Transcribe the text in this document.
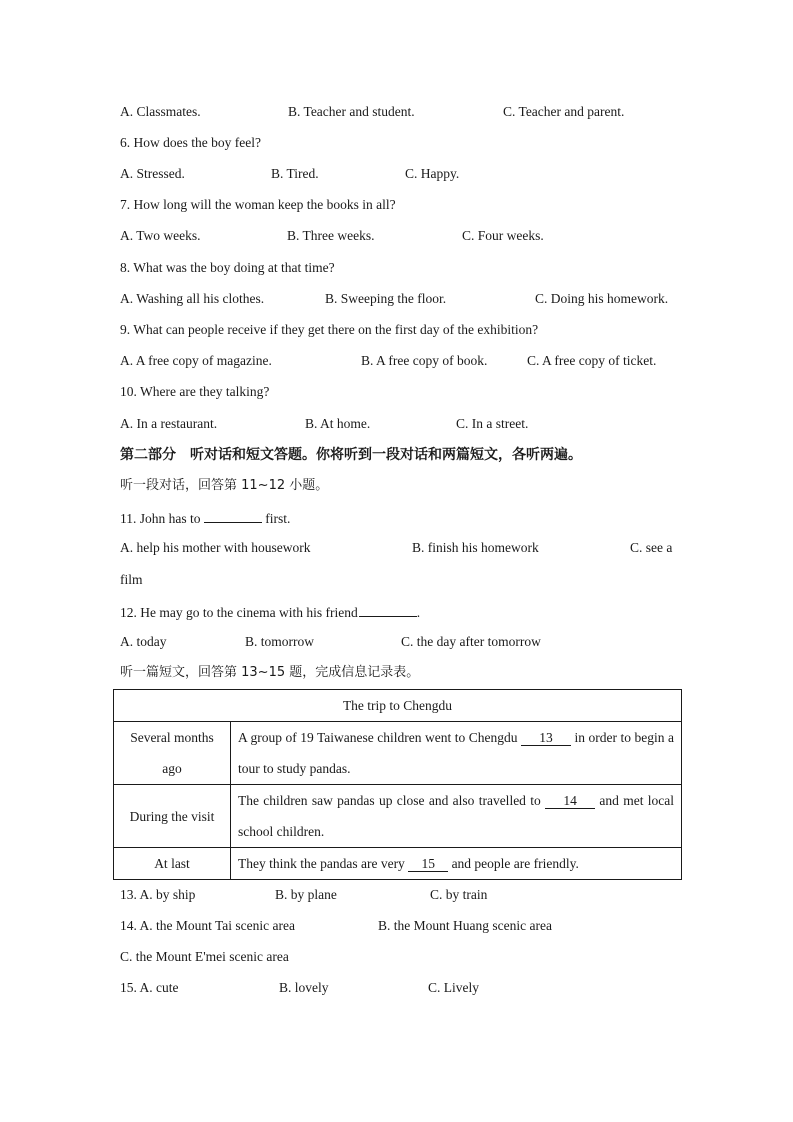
A. Classmates.	B. Teacher and student.	C. Teacher and parent.
6. How does the boy feel?
A. Stressed.	B. Tired.	C. Happy.
7. How long will the woman keep the books in all?
A. Two weeks.	B. Three weeks.	C. Four weeks.
8. What was the boy doing at that time?
A. Washing all his clothes.	B. Sweeping the floor.	C. Doing his homework.
9. What can people receive if they get there on the first day of the exhibition?
A. A free copy of magazine.	B. A free copy of book.	C. A free copy of ticket.
10. Where are they talking?
A. In a restaurant.	B. At home.	C. In a street.
第二部分　听对话和短文答题。你将听到一段对话和两篇短文，各听两遍。
听一段对话，回答第 11~12 小题。
11. John has to	first.
A. help his mother with housework	B. finish his homework	C. see a
film
12. He may go to the cinema with his friend	.
A. today	B. tomorrow	C. the day after tomorrow
听一篇短文，回答第 13~15 题，完成信息记录表。
The trip to Chengdu	
Several months ago	A group of 19 Taiwanese children went to Chengdu 13 in order to begin a tour to study pandas.
During the visit	The children saw pandas up close and also travelled to 14 and met local school children.
At last	They think the pandas are very 15 and people are friendly.
13. A. by ship	B. by plane	C. by train
14. A. the Mount Tai scenic area	B. the Mount Huang scenic area
C. the Mount E'mei scenic area
15. A. cute	B. lovely	C. Lively
